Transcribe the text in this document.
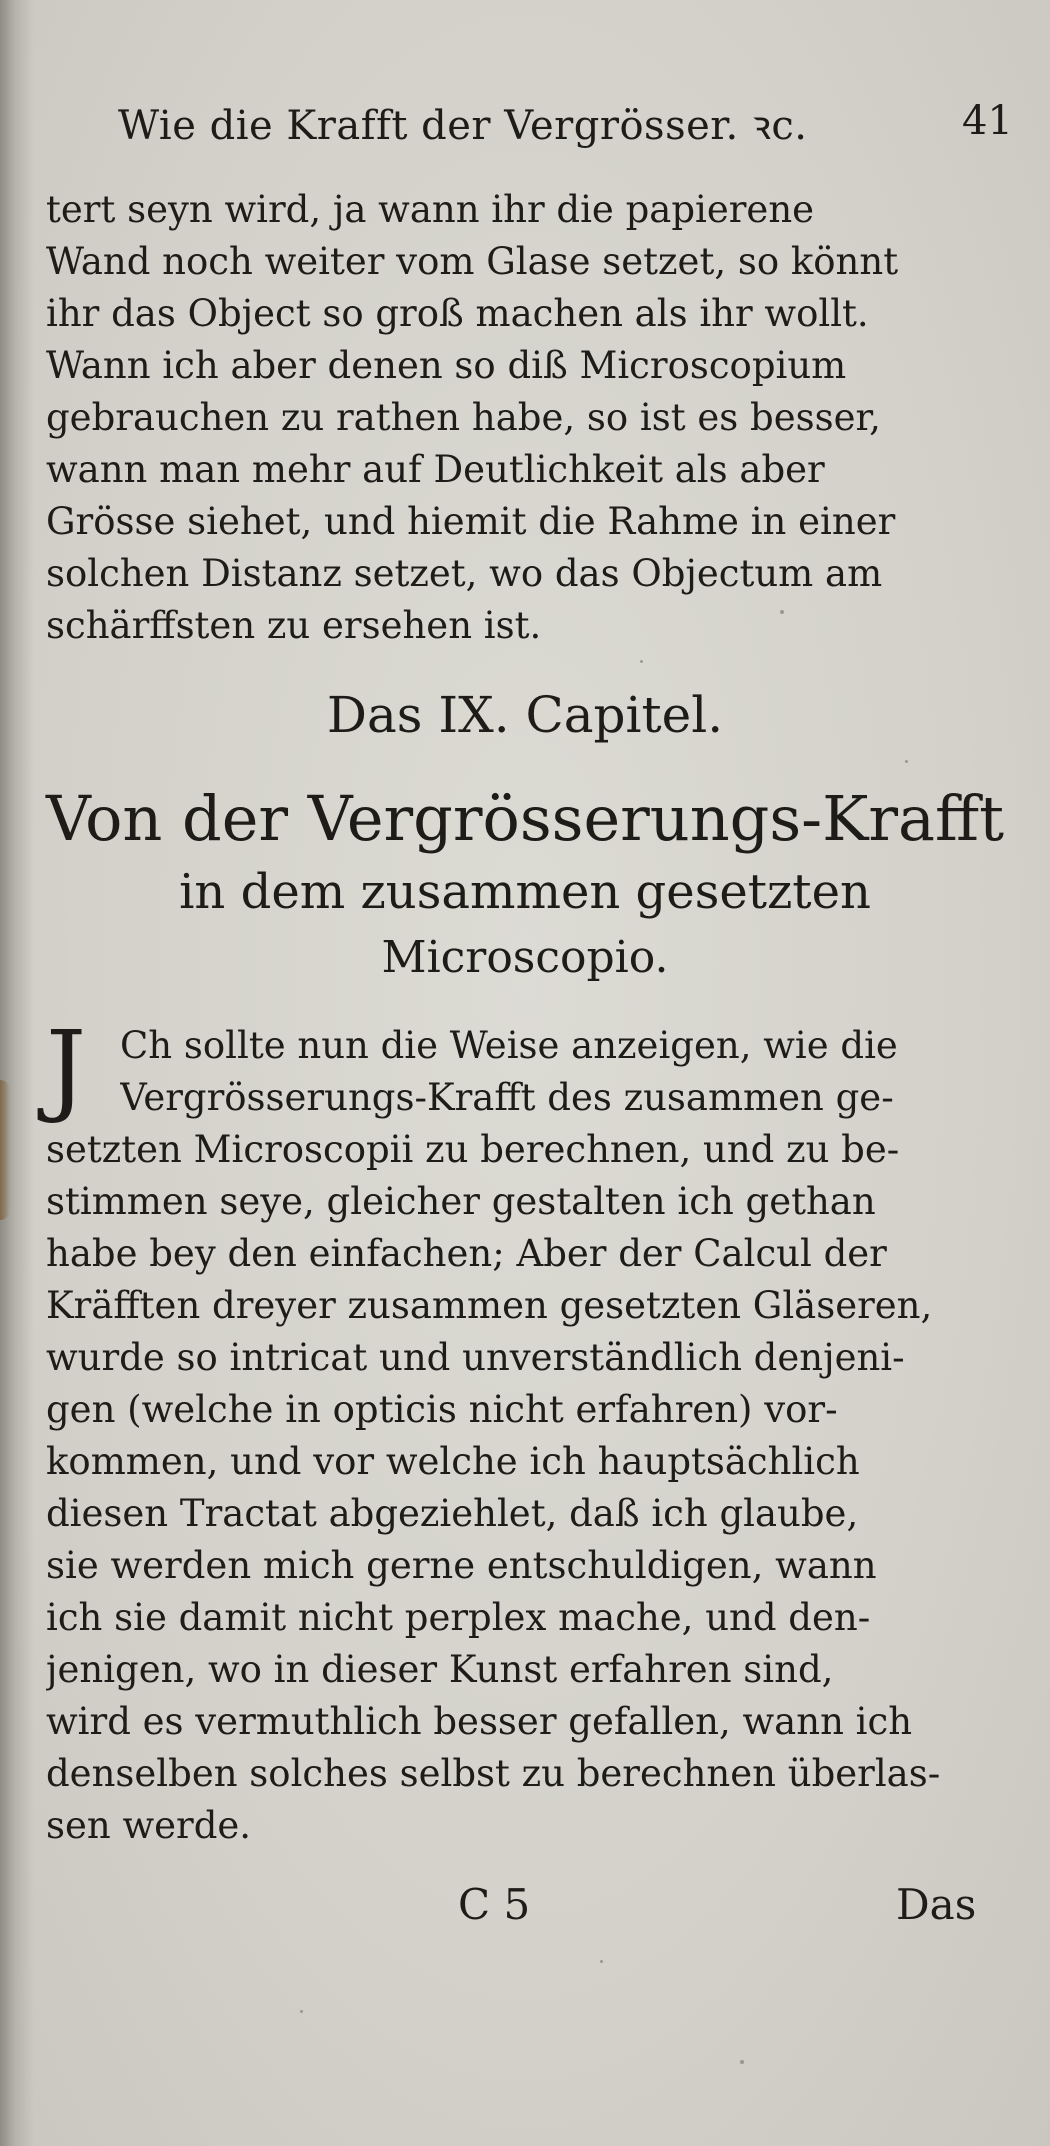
Wie die Krafft der Vergrösser. ꝛc.	41
tert seyn wird, ja wann ihr die papierene
Wand noch weiter vom Glase setzet, so könnt
ihr das Object so groß machen als ihr wollt.
Wann ich aber denen so diß Microscopium
gebrauchen zu rathen habe, so ist es besser,
wann man mehr auf Deutlichkeit als aber
Grösse siehet, und hiemit die Rahme in einer
solchen Distanz setzet, wo das Objectum am
schärffsten zu ersehen ist.
Das IX. Capitel.
Von der Vergrösserungs-Krafft
in dem zusammen gesetzten
Microscopio.
J Ch sollte nun die Weise anzeigen, wie die
Vergrösserungs-Krafft des zusammen ge-
setzten Microscopii zu berechnen, und zu be-
stimmen seye, gleicher gestalten ich gethan
habe bey den einfachen; Aber der Calcul der
Kräfften dreyer zusammen gesetzten Gläseren,
wurde so intricat und unverständlich denjeni-
gen (welche in opticis nicht erfahren) vor-
kommen, und vor welche ich hauptsächlich
diesen Tractat abgeziehlet, daß ich glaube,
sie werden mich gerne entschuldigen, wann
ich sie damit nicht perplex mache, und den-
jenigen, wo in dieser Kunst erfahren sind,
wird es vermuthlich besser gefallen, wann ich
denselben solches selbst zu berechnen überlas-
sen werde.
C 5	Das
